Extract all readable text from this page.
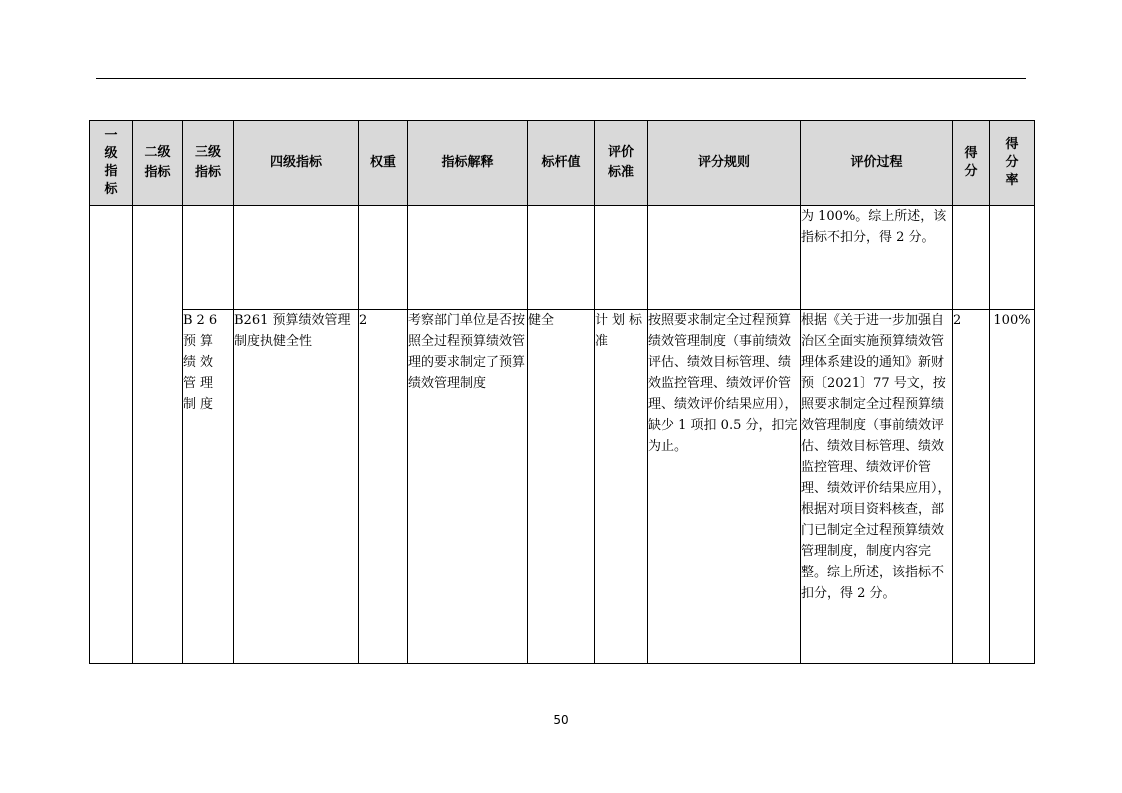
一级指标	二级指标	三级指标	四级指标	权重	指标解释	标杆值	评价标准	评分规则	评价过程	得分	得分率
									为 100%。综上所述，该指标不扣分，得 2 分。		
		B26 预算绩效管理制度	B261 预算绩效管理制度执健全性	2	考察部门单位是否按照全过程预算绩效管理的要求制定了预算绩效管理制度	健全	计划标准	按照要求制定全过程预算绩效管理制度（事前绩效评估、绩效目标管理、绩效监控管理、绩效评价管理、绩效评价结果应用），缺少 1 项扣 0.5 分，扣完为止。	根据《关于进一步加强自治区全面实施预算绩效管理体系建设的通知》新财预〔2021〕77 号文，按照要求制定全过程预算绩效管理制度（事前绩效评估、绩效目标管理、绩效监控管理、绩效评价管理、绩效评价结果应用），根据对项目资料核查，部门已制定全过程预算绩效管理制度，制度内容完整。综上所述，该指标不扣分，得 2 分。	2	100%
50
